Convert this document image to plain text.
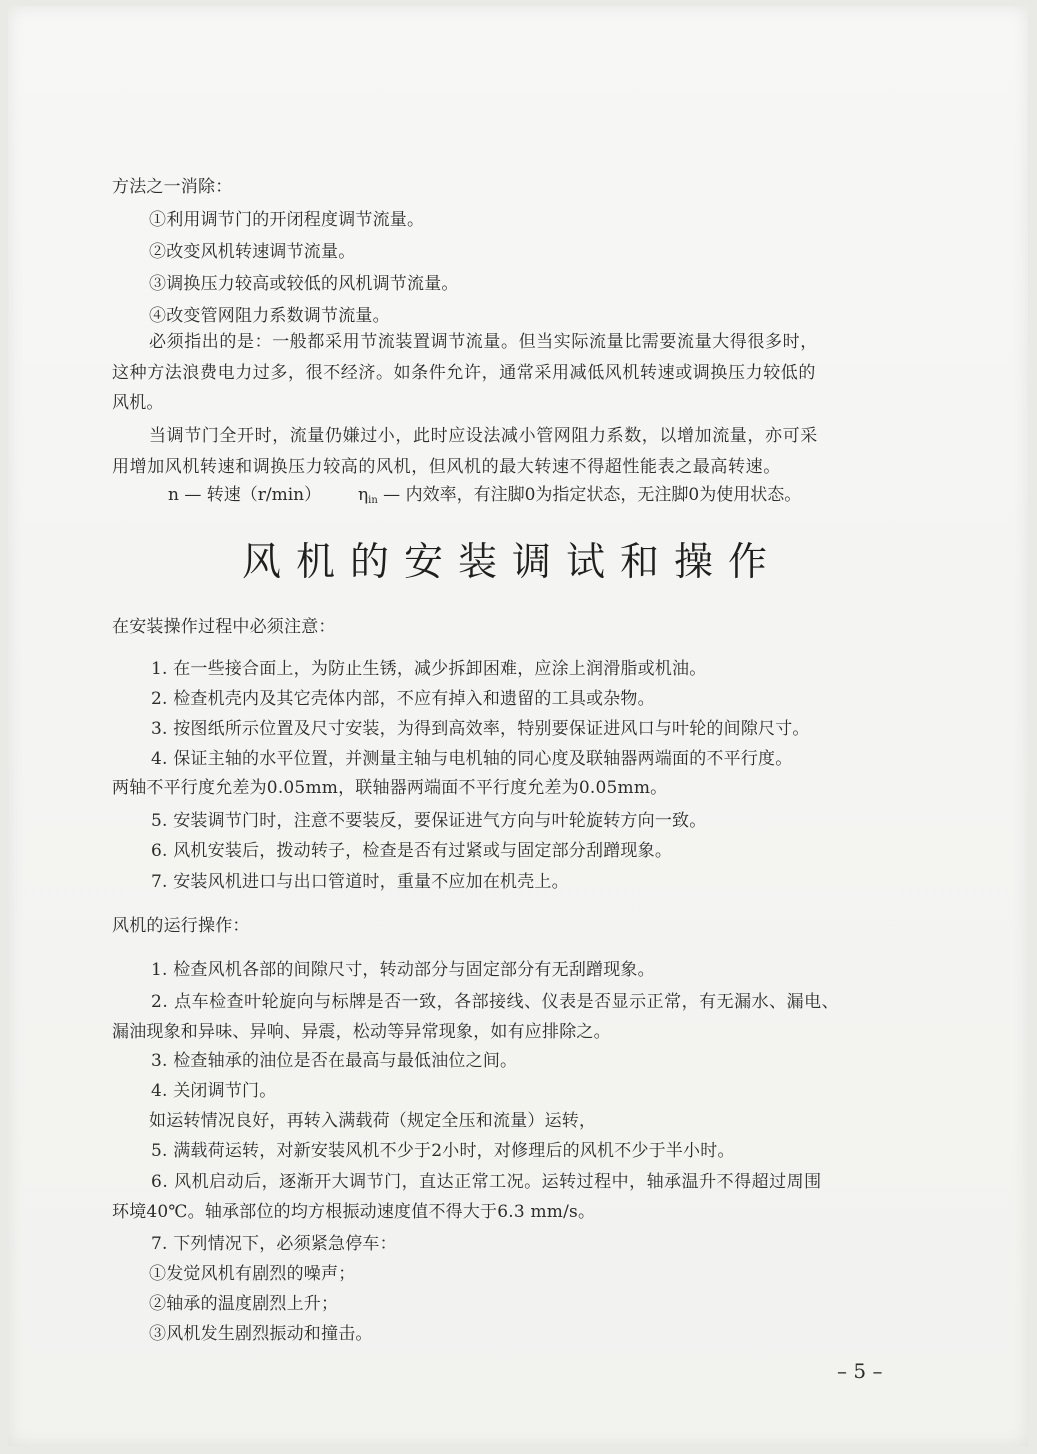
方法之一消除：
①利用调节门的开闭程度调节流量。
②改变风机转速调节流量。
③调换压力较高或较低的风机调节流量。
④改变管网阻力系数调节流量。
必须指出的是：一般都采用节流装置调节流量。但当实际流量比需要流量大得很多时，
这种方法浪费电力过多，很不经济。如条件允许，通常采用减低风机转速或调换压力较低的
风机。
当调节门全开时，流量仍嫌过小，此时应设法减小管网阻力系数，以增加流量，亦可采
用增加风机转速和调换压力较高的风机，但风机的最大转速不得超性能表之最高转速。
n — 转速（r/min） $\eta_{in}$ — 内效率，有注脚0为指定状态，无注脚0为使用状态。
风机的安装调试和操作
在安装操作过程中必须注意：
1. 在一些接合面上，为防止生锈，减少拆卸困难，应涂上润滑脂或机油。
2. 检查机壳内及其它壳体内部，不应有掉入和遗留的工具或杂物。
3. 按图纸所示位置及尺寸安装，为得到高效率，特别要保证进风口与叶轮的间隙尺寸。
4. 保证主轴的水平位置，并测量主轴与电机轴的同心度及联轴器两端面的不平行度。
两轴不平行度允差为0.05mm，联轴器两端面不平行度允差为0.05mm。
5. 安装调节门时，注意不要装反，要保证进气方向与叶轮旋转方向一致。
6. 风机安装后，拨动转子，检查是否有过紧或与固定部分刮蹭现象。
7. 安装风机进口与出口管道时，重量不应加在机壳上。
风机的运行操作：
1. 检查风机各部的间隙尺寸，转动部分与固定部分有无刮蹭现象。
2. 点车检查叶轮旋向与标牌是否一致，各部接线、仪表是否显示正常，有无漏水、漏电、
漏油现象和异味、异响、异震，松动等异常现象，如有应排除之。
3. 检查轴承的油位是否在最高与最低油位之间。
4. 关闭调节门。
如运转情况良好，再转入满载荷（规定全压和流量）运转，
5. 满载荷运转，对新安装风机不少于2小时，对修理后的风机不少于半小时。
6. 风机启动后，逐渐开大调节门，直达正常工况。运转过程中，轴承温升不得超过周围
环境40℃。轴承部位的均方根振动速度值不得大于6.3 mm/s。
7. 下列情况下，必须紧急停车：
①发觉风机有剧烈的噪声；
②轴承的温度剧烈上升；
③风机发生剧烈振动和撞击。
– 5 –
